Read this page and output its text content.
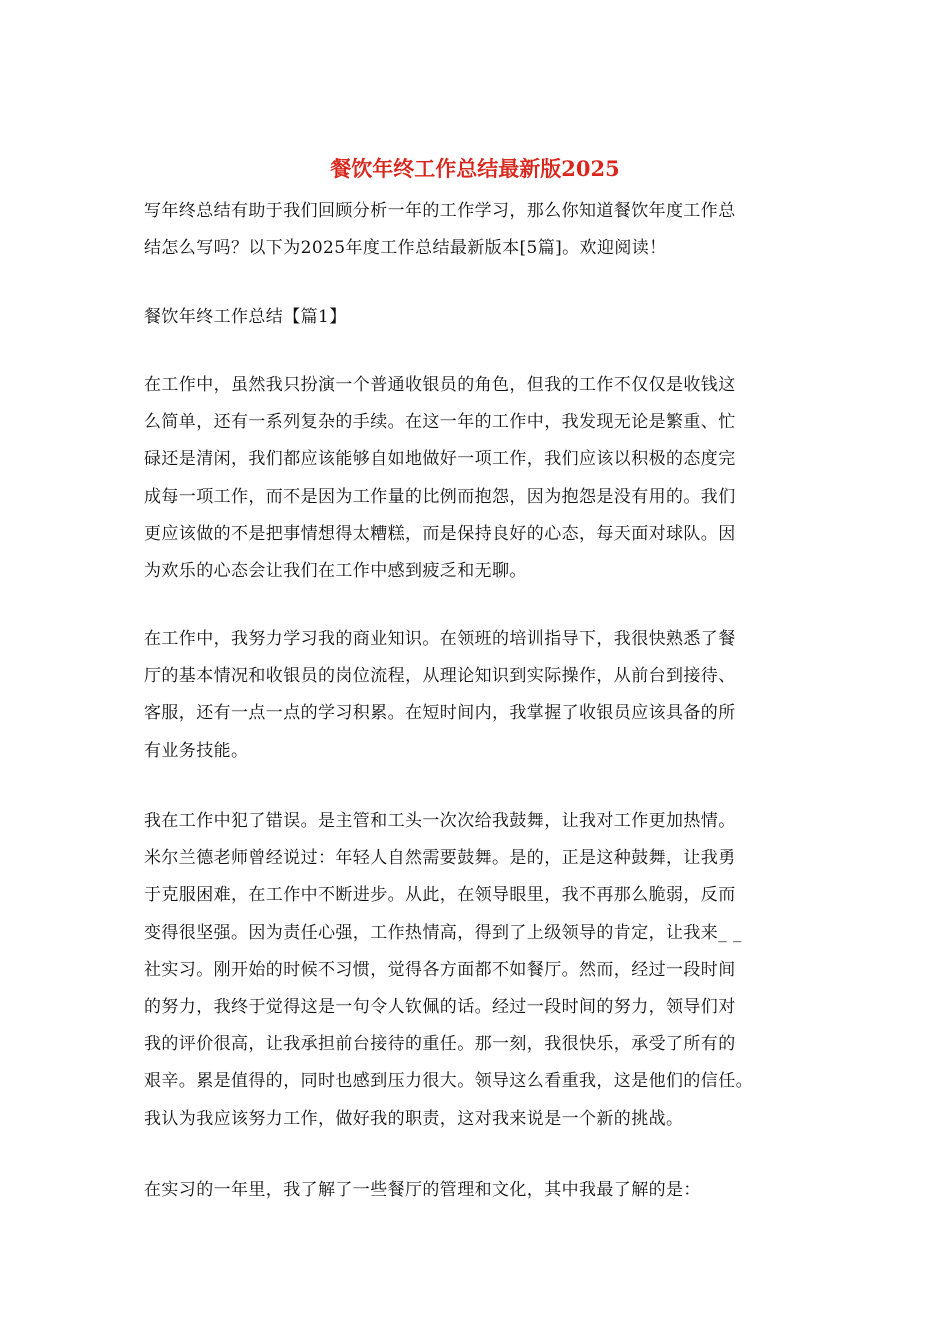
餐饮年终工作总结最新版2025

写年终总结有助于我们回顾分析一年的工作学习，那么你知道餐饮年度工作总
结怎么写吗？以下为2025年度工作总结最新版本[5篇]。欢迎阅读！

餐饮年终工作总结【篇1】

在工作中，虽然我只扮演一个普通收银员的角色，但我的工作不仅仅是收钱这
么简单，还有一系列复杂的手续。在这一年的工作中，我发现无论是繁重、忙
碌还是清闲，我们都应该能够自如地做好一项工作，我们应该以积极的态度完
成每一项工作，而不是因为工作量的比例而抱怨，因为抱怨是没有用的。我们
更应该做的不是把事情想得太糟糕，而是保持良好的心态，每天面对球队。因
为欢乐的心态会让我们在工作中感到疲乏和无聊。

在工作中，我努力学习我的商业知识。在领班的培训指导下，我很快熟悉了餐
厅的基本情况和收银员的岗位流程，从理论知识到实际操作，从前台到接待、
客服，还有一点一点的学习积累。在短时间内，我掌握了收银员应该具备的所
有业务技能。

我在工作中犯了错误。是主管和工头一次次给我鼓舞，让我对工作更加热情。
米尔兰德老师曾经说过：年轻人自然需要鼓舞。是的，正是这种鼓舞，让我勇
于克服困难，在工作中不断进步。从此，在领导眼里，我不再那么脆弱，反而
变得很坚强。因为责任心强，工作热情高，得到了上级领导的肯定，让我来_ _
社实习。刚开始的时候不习惯，觉得各方面都不如餐厅。然而，经过一段时间
的努力，我终于觉得这是一句令人钦佩的话。经过一段时间的努力，领导们对
我的评价很高，让我承担前台接待的重任。那一刻，我很快乐，承受了所有的
艰辛。累是值得的，同时也感到压力很大。领导这么看重我，这是他们的信任。
我认为我应该努力工作，做好我的职责，这对我来说是一个新的挑战。

在实习的一年里，我了解了一些餐厅的管理和文化，其中我最了解的是：
